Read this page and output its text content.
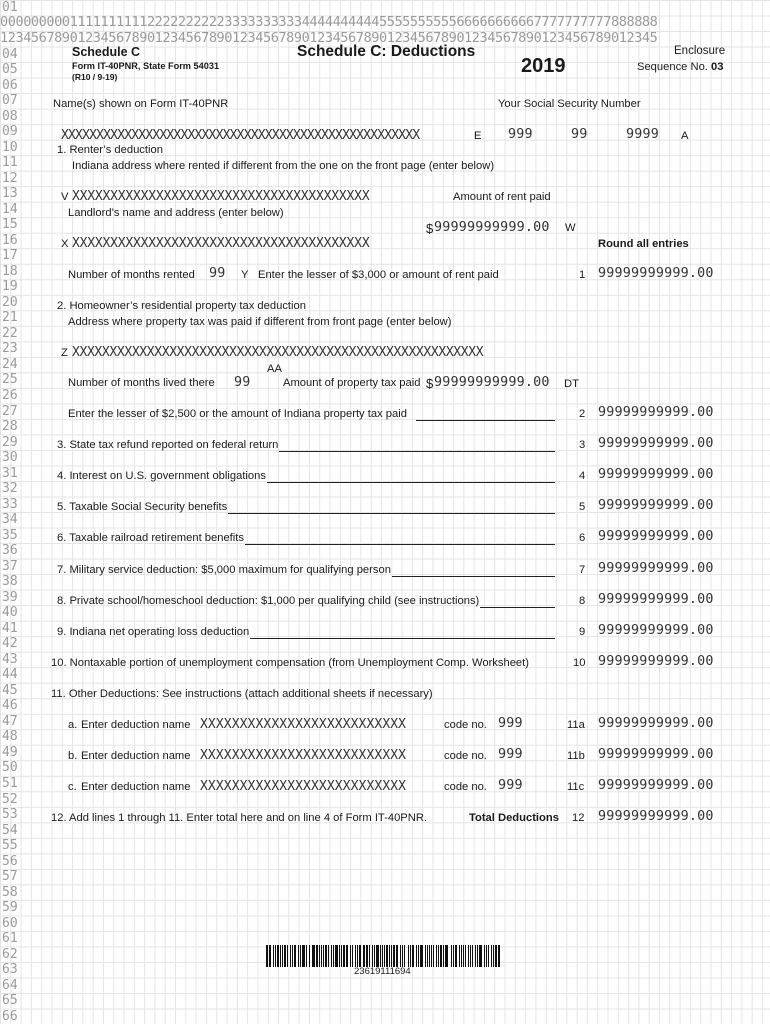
0000000001111111111222222222233333333334444444444555555555566666666667777777777888888
1234567890123456789012345678901234567890123456789012345678901234567890123456789012345
04
05
06
07
08
09
10
11
12
13
14
15
16
17
18
19
20
21
22
23
24
25
26
27
28
29
30
31
32
33
34
35
36
37
38
39
40
41
42
43
44
45
46
47
48
49
50
51
52
53
54
55
56
57
58
59
60
61
62
63
64
65
66
01
Schedule C
Form IT-40PNR, State Form 54031
(R10 / 9-19)
Schedule C: Deductions
2019
Enclosure
Sequence No. 03
Name(s) shown on Form IT-40PNR	Your Social Security Number
XXXXXXXXXXXXXXXXXXXXXXXXXXXXXXXXXXXXXXXXXXXXXXXXXXX	E 999	99	9999 A
1. Renter’s deduction
Indiana address where rented if different from the one on the front page (enter below)
V XXXXXXXXXXXXXXXXXXXXXXXXXXXXXXXXXXXXXXX	Amount of rent paid
Landlord’s name and address (enter below)
$ 99999999999.00 W
Round all entries
X XXXXXXXXXXXXXXXXXXXXXXXXXXXXXXXXXXXXXXX
Number of months rented 99 Y Enter the lesser of $3,000 or amount of rent paid	1 99999999999.00
2. Homeowner’s residential property tax deduction
Address where property tax was paid if different from front page (enter below)
Z XXXXXXXXXXXXXXXXXXXXXXXXXXXXXXXXXXXXXXXXXXXXXXXXXXXXXXX
AA
Number of months lived there 99	Amount of property tax paid $ 99999999999.00 DT
Enter the lesser of $2,500 or the amount of Indiana property tax paid	2 99999999999.00
3. State tax refund reported on federal return	3 99999999999.00
4. Interest on U.S. government obligations	4 99999999999.00
5. Taxable Social Security benefits	5 99999999999.00
6. Taxable railroad retirement benefits	6 99999999999.00
7. Military service deduction: $5,000 maximum for qualifying person	7 99999999999.00
8. Private school/homeschool deduction: $1,000 per qualifying child (see instructions)	8 99999999999.00
9. Indiana net operating loss deduction	9 99999999999.00
10. Nontaxable portion of unemployment compensation (from Unemployment Comp. Worksheet)	10 99999999999.00
11. Other Deductions: See instructions (attach additional sheets if necessary)
a. Enter deduction name XXXXXXXXXXXXXXXXXXXXXXXXXX	code no. 999	11a 99999999999.00
b. Enter deduction name XXXXXXXXXXXXXXXXXXXXXXXXXX	code no. 999	11b 99999999999.00
c. Enter deduction name XXXXXXXXXXXXXXXXXXXXXXXXXX	code no. 999	11c 99999999999.00
12. Add lines 1 through 11. Enter total here and on line 4 of Form IT-40PNR.	Total Deductions 12 99999999999.00
23619111694
